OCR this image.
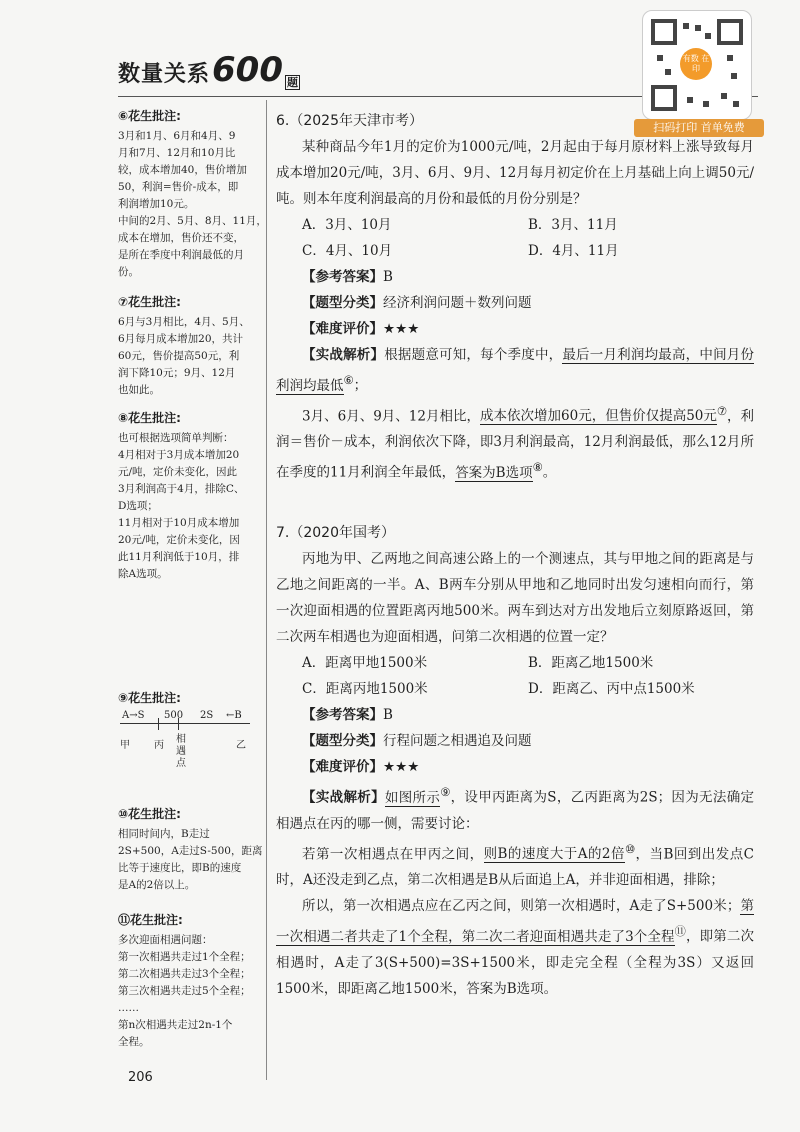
数量关系600 题
有数 在印
扫码打印 首单免费
⑥花生批注:
3月和1月、6月和4月、9
月和7月、12月和10月比
较，成本增加40，售价增加
50，利润=售价-成本，即
利润增加10元。
中间的2月、5月、8月、11月，
成本在增加，售价还不变，
是所在季度中利润最低的月
份。
⑦花生批注:
6月与3月相比，4月、5月、
6月每月成本增加20，共计
60元，售价提高50元，利
润下降10元；9月、12月
也如此。
⑧花生批注:
也可根据选项简单判断：
4月相对于3月成本增加20
元/吨，定价未变化，因此
3月利润高于4月，排除C、
D选项；
11月相对于10月成本增加
20元/吨，定价未变化，因
此11月利润低于10月，排
除A选项。
⑨花生批注:
A→S 500 2S ←B
甲 丙
相遇点
乙
⑩花生批注:
相同时间内，B走过
2S+500，A走过S-500，距离
比等于速度比，即B的速度
是A的2倍以上。
⑪花生批注:
多次迎面相遇问题：
第一次相遇共走过1个全程；
第二次相遇共走过3个全程；
第三次相遇共走过5个全程；
……
第n次相遇共走过2n-1个
全程。
6.（2025年天津市考）
某种商品今年1月的定价为1000元/吨，2月起由于每月原材料上涨导致每月成本增加20元/吨，3月、6月、9月、12月每月初定价在上月基础上向上调50元/吨。则本年度利润最高的月份和最低的月份分别是？
A．3月、10月	B．3月、11月
C．4月、10月	D．4月、11月
【参考答案】B
【题型分类】经济利润问题＋数列问题
【难度评价】★★★
【实战解析】根据题意可知，每个季度中，最后一月利润均最高，中间月份利润均最低⑥；
3月、6月、9月、12月相比，成本依次增加60元，但售价仅提高50元⑦，利润＝售价－成本，利润依次下降，即3月利润最高，12月利润最低，那么12月所在季度的11月利润全年最低，答案为B选项⑧。
7.（2020年国考）
丙地为甲、乙两地之间高速公路上的一个测速点，其与甲地之间的距离是与乙地之间距离的一半。A、B两车分别从甲地和乙地同时出发匀速相向而行，第一次迎面相遇的位置距离丙地500米。两车到达对方出发地后立刻原路返回，第二次两车相遇也为迎面相遇，问第二次相遇的位置一定？
A．距离甲地1500米	B．距离乙地1500米
C．距离丙地1500米	D．距离乙、丙中点1500米
【参考答案】B
【题型分类】行程问题之相遇追及问题
【难度评价】★★★
【实战解析】如图所示⑨，设甲丙距离为S，乙丙距离为2S；因为无法确定相遇点在丙的哪一侧，需要讨论：
若第一次相遇点在甲丙之间，则B的速度大于A的2倍⑩，当B回到出发点C时，A还没走到乙点，第二次相遇是B从后面追上A，并非迎面相遇，排除；
所以，第一次相遇点应在乙丙之间，则第一次相遇时，A走了S+500米；第一次相遇二者共走了1个全程，第二次二者迎面相遇共走了3个全程⑪，即第二次相遇时，A走了3(S+500)=3S+1500米，即走完全程（全程为3S）又返回1500米，即距离乙地1500米，答案为B选项。
206
